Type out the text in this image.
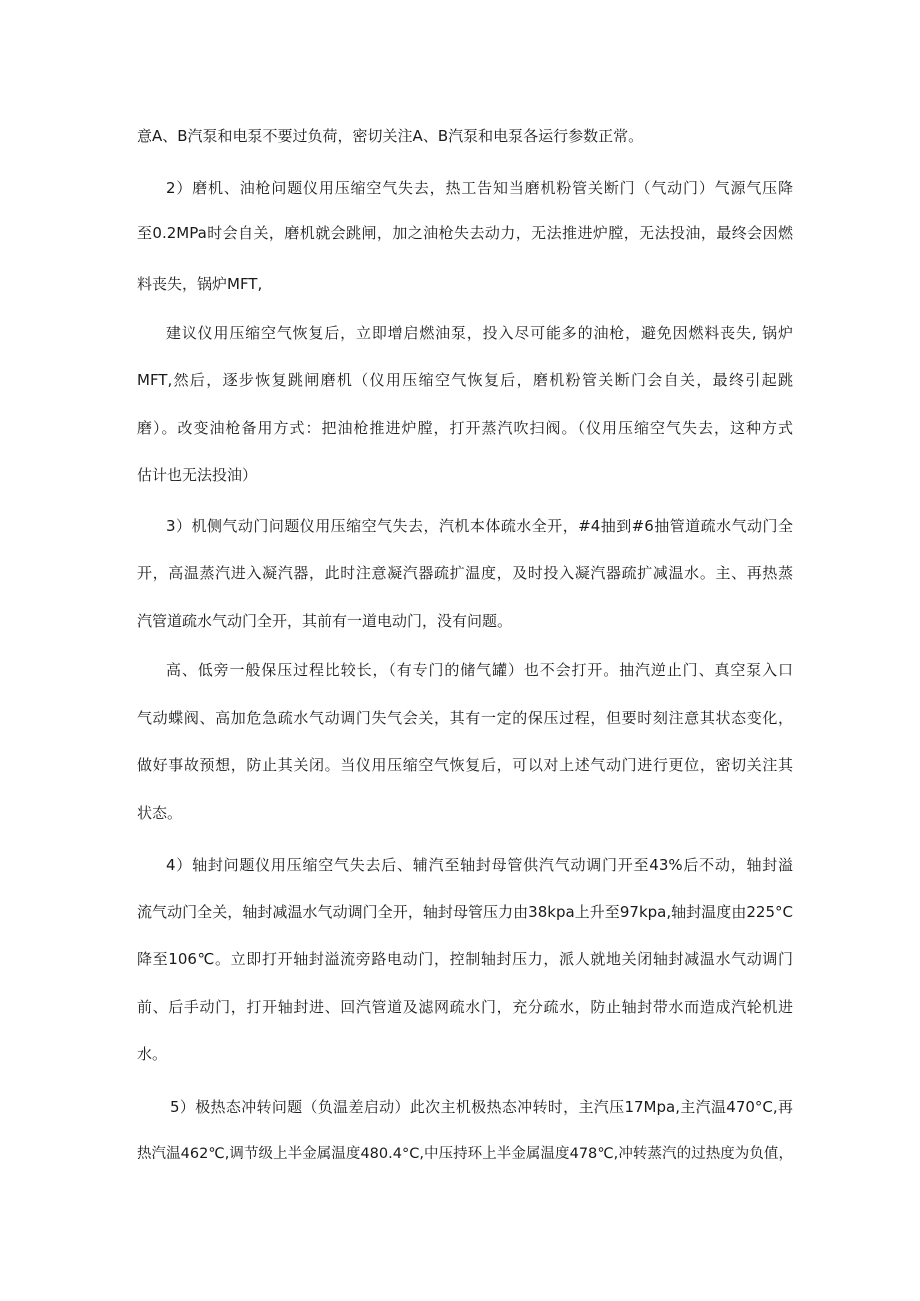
意A、B汽泵和电泵不要过负荷，密切关注A、B汽泵和电泵各运行参数正常。
2）磨机、油枪问题仪用压缩空气失去，热工告知当磨机粉管关断门（气动门）气源气压降
至0.2MPa时会自关，磨机就会跳闸，加之油枪失去动力，无法推进炉膛，无法投油，最终会因燃
料丧失，锅炉MFT,
建议仪用压缩空气恢复后，立即增启燃油泵，投入尽可能多的油枪，避免因燃料丧失, 锅炉
MFT,然后，逐步恢复跳闸磨机（仪用压缩空气恢复后，磨机粉管关断门会自关，最终引起跳
磨）。改变油枪备用方式：把油枪推进炉膛，打开蒸汽吹扫阀。（仪用压缩空气失去，这种方式
估计也无法投油）
3）机侧气动门问题仪用压缩空气失去，汽机本体疏水全开，#4抽到#6抽管道疏水气动门全
开，高温蒸汽进入凝汽器，此时注意凝汽器疏扩温度，及时投入凝汽器疏扩减温水。主、再热蒸
汽管道疏水气动门全开，其前有一道电动门，没有问题。
高、低旁一般保压过程比较长，（有专门的储气罐）也不会打开。抽汽逆止门、真空泵入口
气动蝶阀、高加危急疏水气动调门失气会关，其有一定的保压过程，但要时刻注意其状态变化，
做好事故预想，防止其关闭。当仪用压缩空气恢复后，可以对上述气动门进行更位，密切关注其
状态。
4）轴封问题仪用压缩空气失去后、辅汽至轴封母管供汽气动调门开至43%后不动，轴封溢
流气动门全关，轴封减温水气动调门全开，轴封母管压力由38kpa上升至97kpa,轴封温度由225°C
降至106℃。立即打开轴封溢流旁路电动门，控制轴封压力，派人就地关闭轴封减温水气动调门
前、后手动门，打开轴封进、回汽管道及滤网疏水门，充分疏水，防止轴封带水而造成汽轮机进
水。
5）极热态冲转问题（负温差启动）此次主机极热态冲转时，主汽压17Mpa,主汽温470°C,再
热汽温462℃,调节级上半金属温度480.4°C,中压持环上半金属温度478℃,冲转蒸汽的过热度为负值，
